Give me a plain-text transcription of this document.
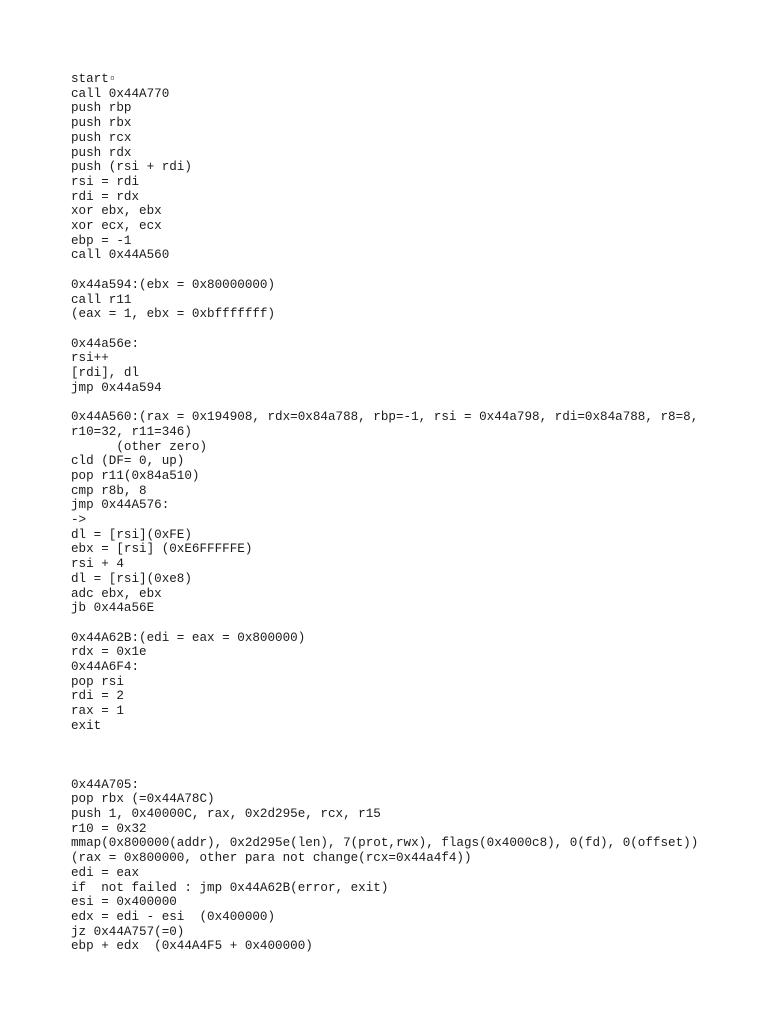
start▫
call 0x44A770
push rbp
push rbx
push rcx
push rdx
push (rsi + rdi)
rsi = rdi
rdi = rdx
xor ebx, ebx
xor ecx, ecx
ebp = -1
call 0x44A560
0x44a594:(ebx = 0x80000000)
call r11
(eax = 1, ebx = 0xbfffffff)
0x44a56e:
rsi++
[rdi], dl
jmp 0x44a594
0x44A560:(rax = 0x194908, rdx=0x84a788, rbp=-1, rsi = 0x44a798, rdi=0x84a788, r8=8,
r10=32, r11=346)
(other zero)
cld (DF= 0, up)
pop r11(0x84a510)
cmp r8b, 8
jmp 0x44A576:
->
dl = [rsi](0xFE)
ebx = [rsi] (0xE6FFFFFE)
rsi + 4
dl = [rsi](0xe8)
adc ebx, ebx
jb 0x44a56E
0x44A62B:(edi = eax = 0x800000)
rdx = 0x1e
0x44A6F4:
pop rsi
rdi = 2
rax = 1
exit
0x44A705:
pop rbx (=0x44A78C)
push 1, 0x40000C, rax, 0x2d295e, rcx, r15
r10 = 0x32
mmap(0x800000(addr), 0x2d295e(len), 7(prot,rwx), flags(0x4000c8), 0(fd), 0(offset))
(rax = 0x800000, other para not change(rcx=0x44a4f4))
edi = eax
if  not failed : jmp 0x44A62B(error, exit)
esi = 0x400000
edx = edi - esi  (0x400000)
jz 0x44A757(=0)
ebp + edx  (0x44A4F5 + 0x400000)
